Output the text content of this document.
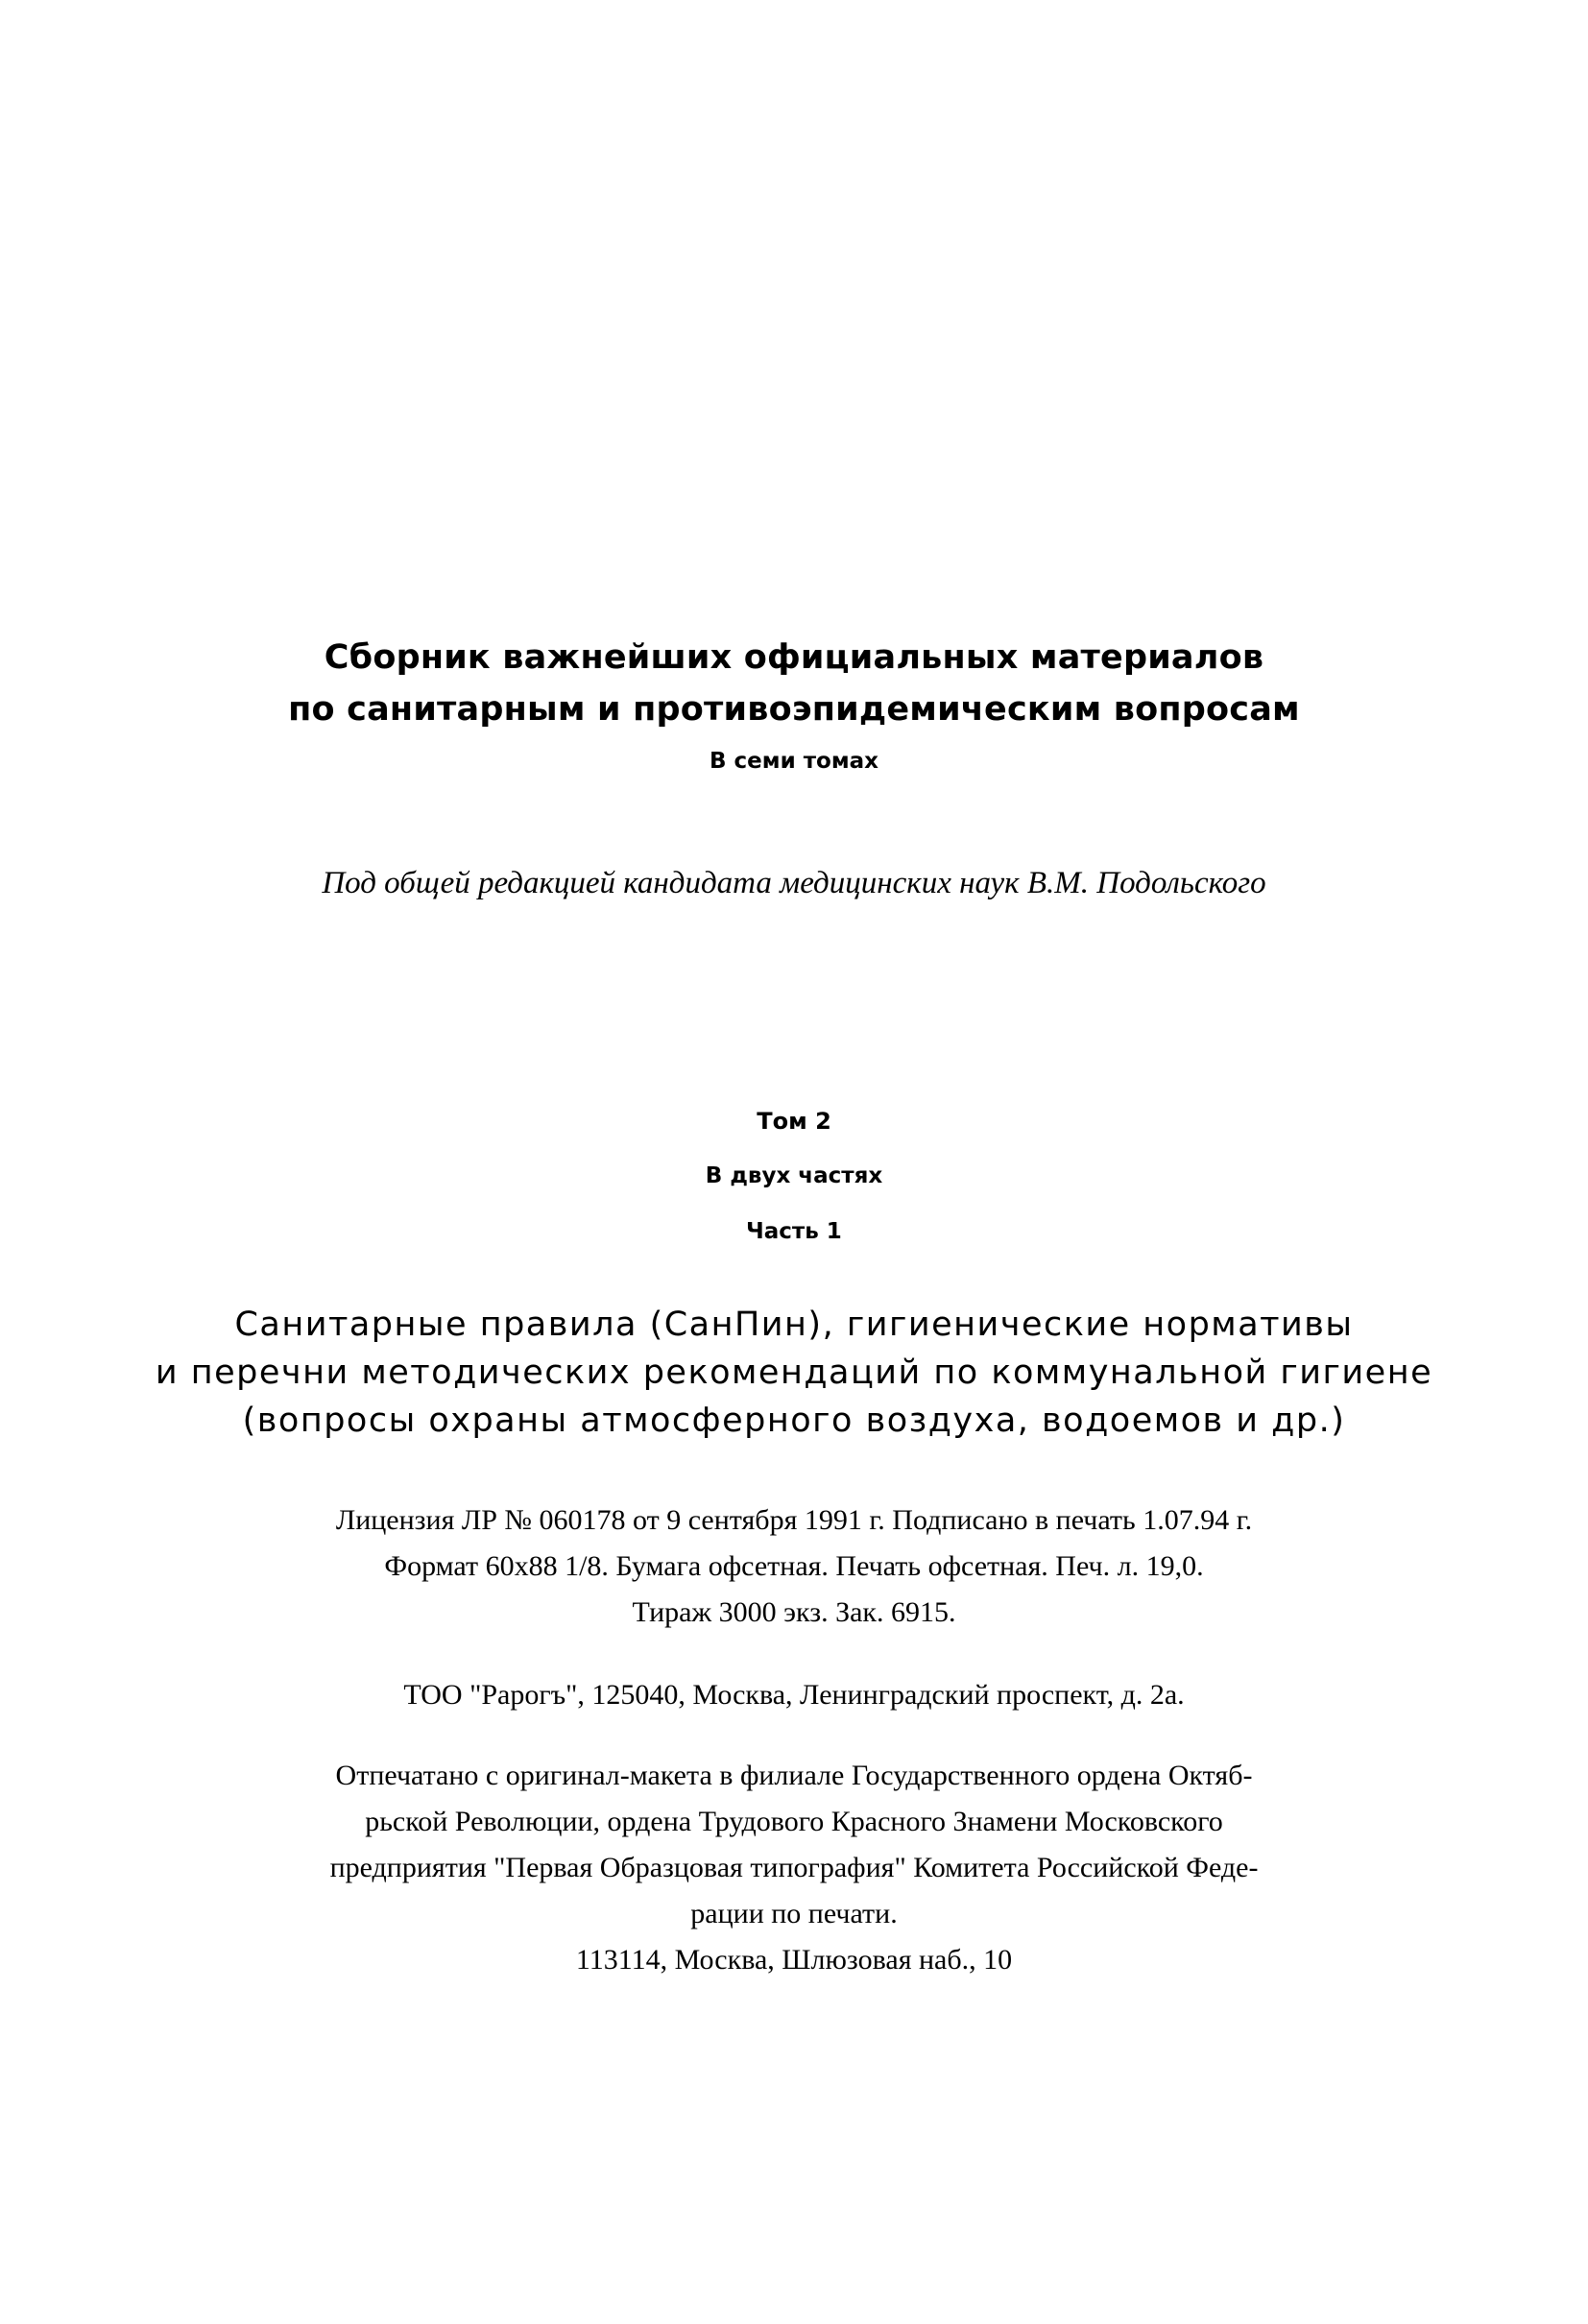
Сборник важнейших официальных материалов
по санитарным и противоэпидемическим вопросам
В семи томах
Под общей редакцией кандидата медицинских наук В.М. Подольского
Том 2
В двух частях
Часть 1
Санитарные правила (СанПин), гигиенические нормативы
и перечни методических рекомендаций по коммунальной гигиене
(вопросы охраны атмосферного воздуха, водоемов и др.)
Лицензия ЛР № 060178 от 9 сентября 1991 г. Подписано в печать 1.07.94 г.
Формат 60x88 1/8. Бумага офсетная. Печать офсетная. Печ. л. 19,0.
Тираж 3000 экз. Зак. 6915.
ТОО "Рарогъ", 125040, Москва, Ленинградский проспект, д. 2а.
Отпечатано с оригинал-макета в филиале Государственного ордена Октяб-
рьской Революции, ордена Трудового Красного Знамени Московского
предприятия "Первая Образцовая типография" Комитета Российской Феде-
рации по печати.
113114, Москва, Шлюзовая наб., 10
